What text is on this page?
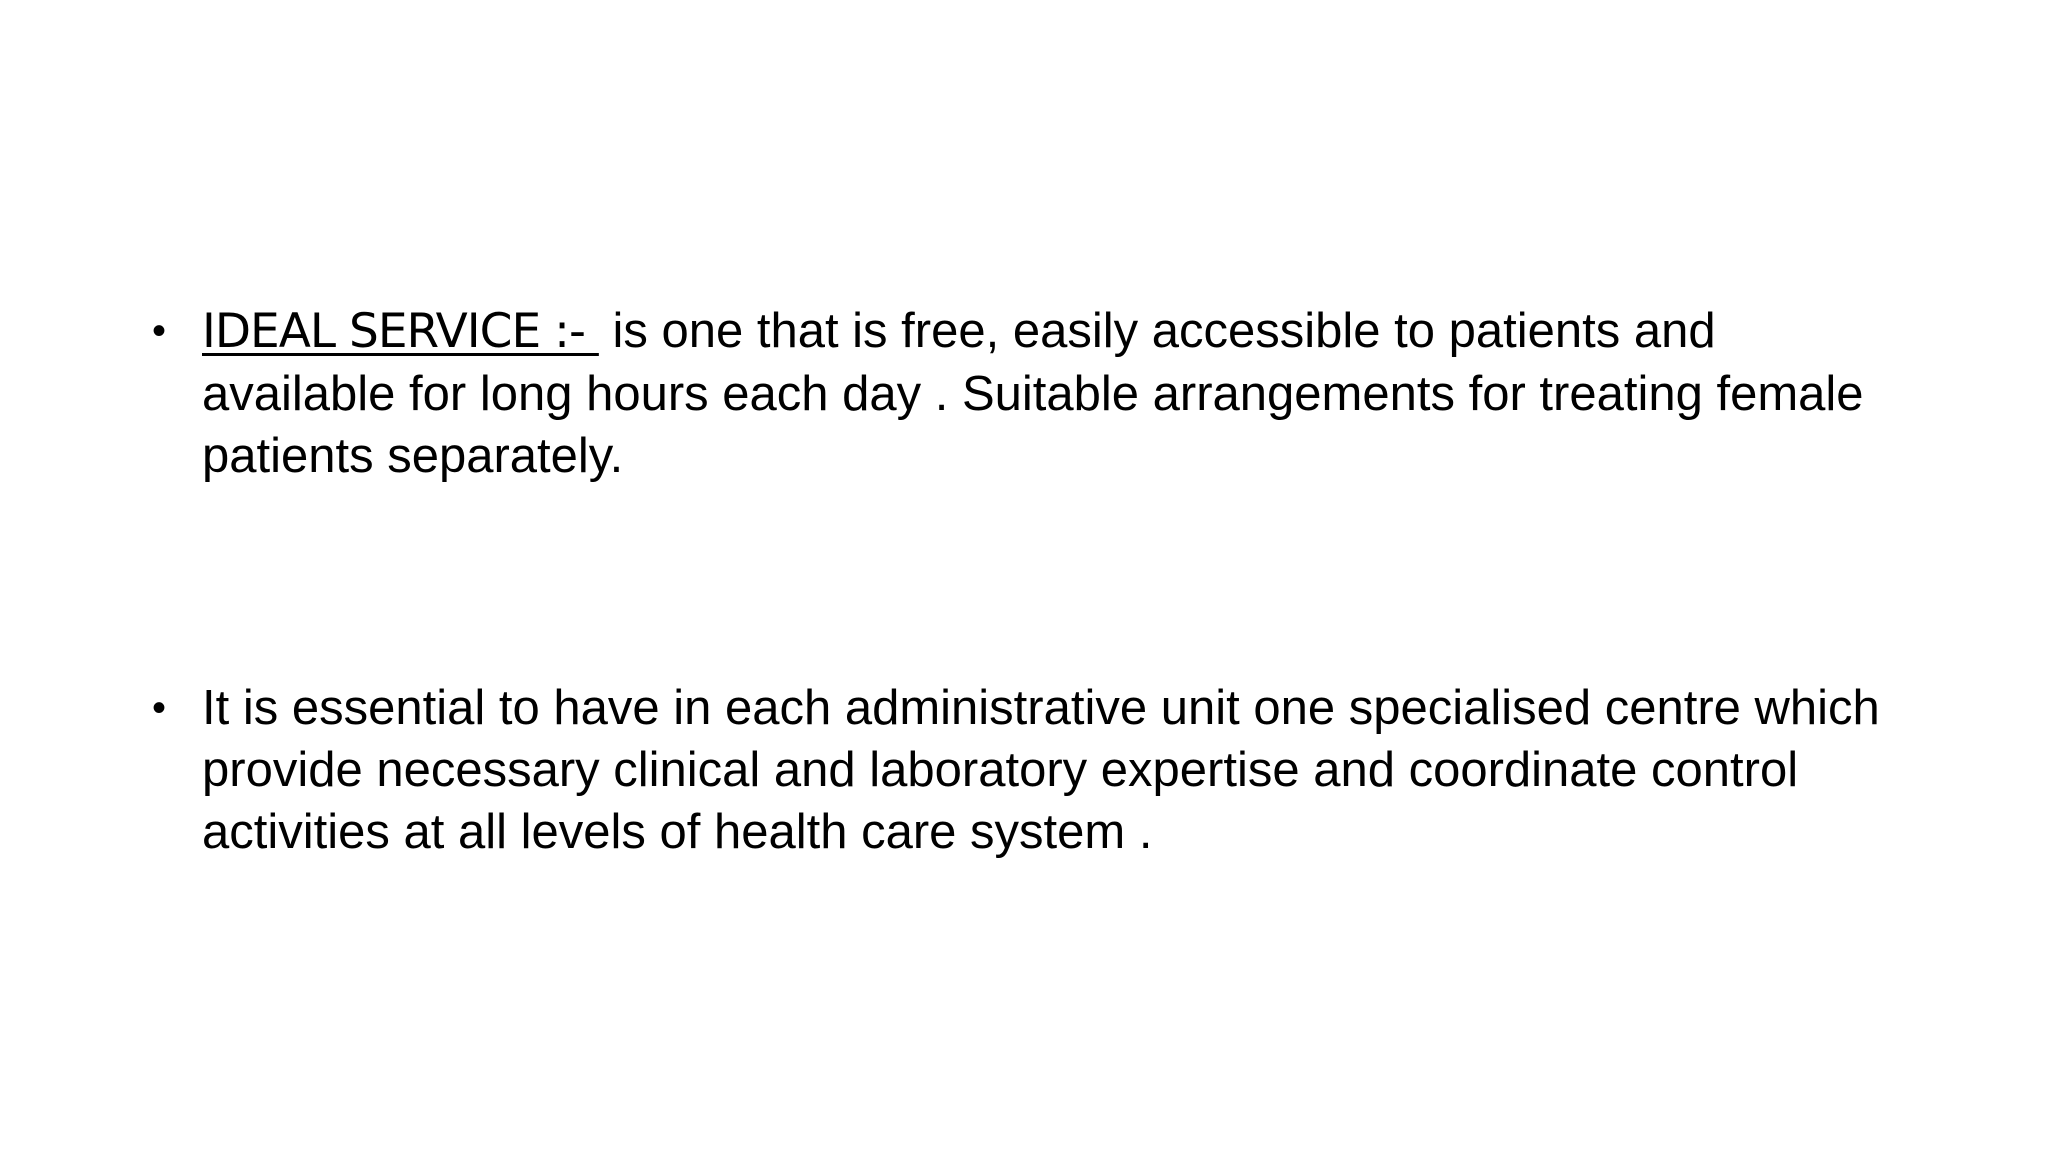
• IDEAL SERVICE :-  is one that is free, easily accessible to patients and available for long hours each day . Suitable arrangements for treating female patients separately.
• It is essential to have in each administrative unit one specialised centre which provide necessary clinical and laboratory expertise and coordinate control activities at all levels of health care system .
